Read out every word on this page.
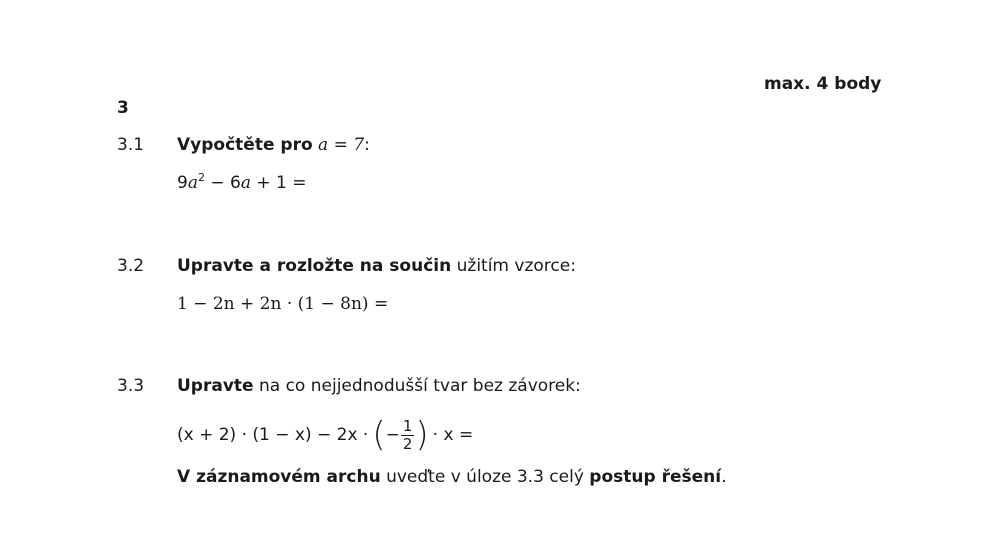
max. 4 body
3
3.1 Vypočtěte pro a = 7:
$9a^2 - 6a + 1$ =
3.2 Upravte a rozložte na součin užitím vzorce:
1 − 2n + 2n · (1 − 8n) =
3.3 Upravte na co nejjednodušší tvar bez závorek:
(x + 2) · (1 − x) − 2x · ( − $\frac{1}{2}$ ) · x =
V záznamovém archu uveďte v úloze 3.3 celý postup řešení.
